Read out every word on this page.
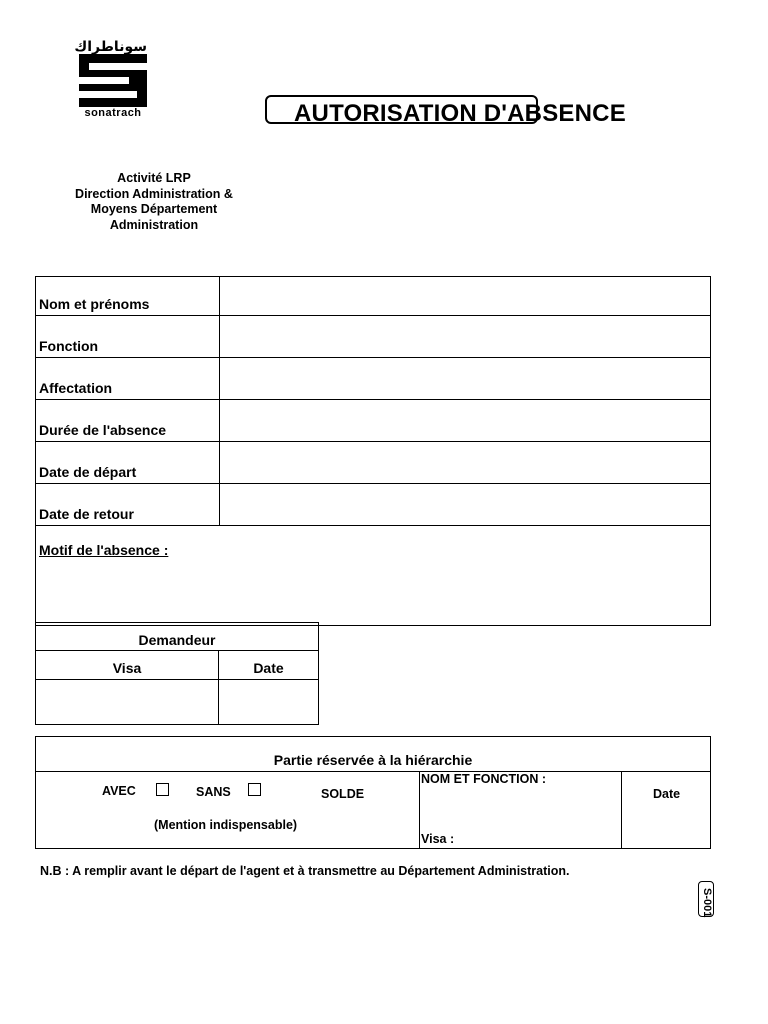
سوناطراك
sonatrach	AUTORISATION D'ABSENCE
Activité LRP
Direction Administration &
Moyens Département
Administration
Nom et prénoms	
Fonction	
Affectation	
Durée de l'absence	
Date de départ	
Date de retour	
Motif de l'absence :	
Demandeur	
Visa	Date

Partie réservée à la hiérarchie
AVEC	SANS	SOLDE
(Mention indispensable)
NOM ET FONCTION :
Visa :
Date
N.B : A remplir avant le départ de l'agent et à transmettre au Département Administration.
S-001
